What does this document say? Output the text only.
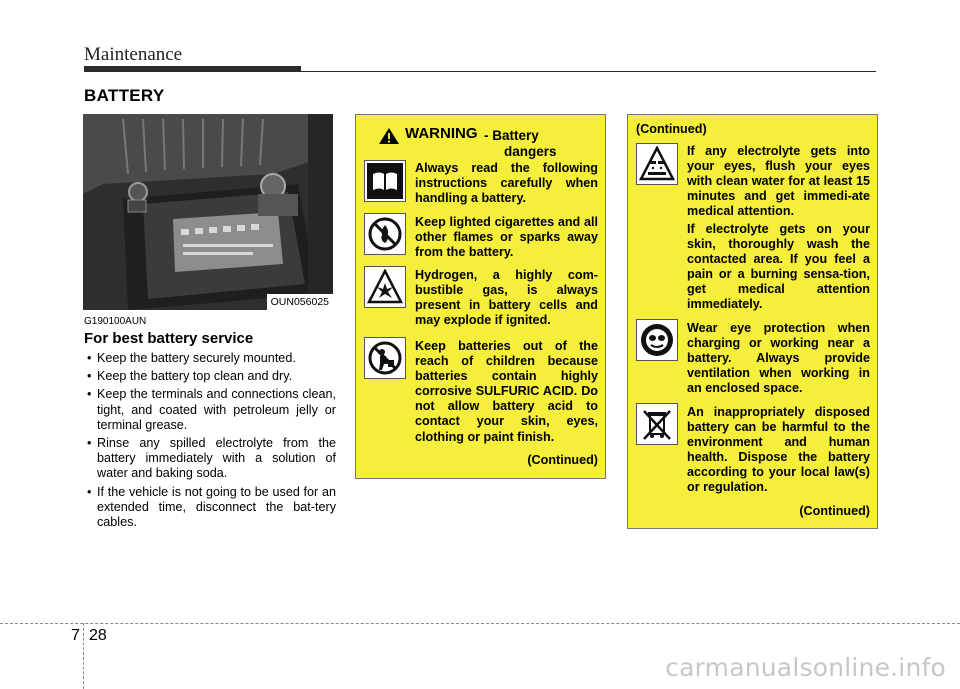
Maintenance
BATTERY
OUN056025
G190100AUN
For best battery service
• Keep the battery securely mounted.
• Keep the battery top clean and dry.
• Keep the terminals and connections clean, tight, and coated with petroleum jelly or terminal grease.
• Rinse any spilled electrolyte from the battery immediately with a solution of water and baking soda.
• If the vehicle is not going to be used for an extended time, disconnect the bat-tery cables.
WARNING - Battery
dangers
Always read the following instructions carefully when handling a battery.
Keep lighted cigarettes and all other flames or sparks away from the battery.
Hydrogen, a highly com-bustible gas, is always present in battery cells and may explode if ignited.
Keep batteries out of the reach of children because batteries contain highly corrosive SULFURIC ACID. Do not allow battery acid to contact your skin, eyes, clothing or paint finish.
(Continued)
(Continued)
If any electrolyte gets into your eyes, flush your eyes with clean water for at least 15 minutes and get immedi-ate medical attention.
If electrolyte gets on your skin, thoroughly wash the contacted area. If you feel a pain or a burning sensa-tion, get medical attention immediately.
Wear eye protection when charging or working near a battery. Always provide ventilation when working in an enclosed space.
An inappropriately disposed battery can be harmful to the environment and human health. Dispose the battery according to your local law(s) or regulation.
(Continued)
7 28
carmanualsonline.info
